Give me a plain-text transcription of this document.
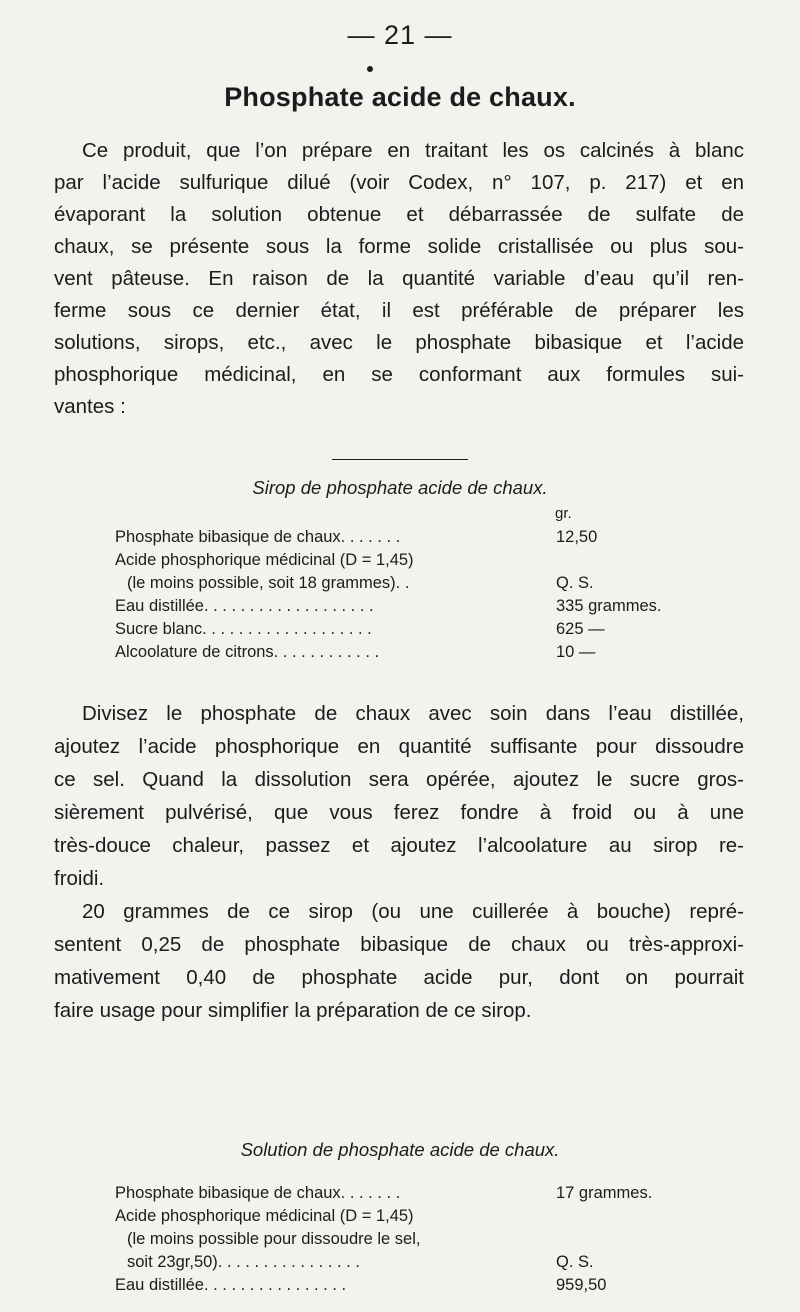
— 21 —
Phosphate acide de chaux.
Ce produit, que l’on prépare en traitant les os calcinés à blanc
par l’acide sulfurique dilué (voir Codex, n° 107, p. 217) et en
évaporant la solution obtenue et débarrassée de sulfate de
chaux, se présente sous la forme solide cristallisée ou plus sou-
vent pâteuse. En raison de la quantité variable d’eau qu’il ren-
ferme sous ce dernier état, il est préférable de préparer les
solutions, sirops, etc., avec le phosphate bibasique et l’acide
phosphorique médicinal, en se conformant aux formules sui-
vantes :
Sirop de phosphate acide de chaux.
gr.
Phosphate bibasique de chaux. . . . . . .	12,50
Acide phosphorique médicinal (D = 1,45)	
(le moins possible, soit 18 grammes). .	Q. S.
Eau distillée. . . . . . . . . . . . . . . . . . .	335 grammes.
Sucre blanc. . . . . . . . . . . . . . . . . . .	625 —
Alcoolature de citrons. . . . . . . . . . . .	10 —
Divisez le phosphate de chaux avec soin dans l’eau distillée,
ajoutez l’acide phosphorique en quantité suffisante pour dissoudre
ce sel. Quand la dissolution sera opérée, ajoutez le sucre gros-
sièrement pulvérisé, que vous ferez fondre à froid ou à une
très-douce chaleur, passez et ajoutez l’alcoolature au sirop re-
froidi.
20 grammes de ce sirop (ou une cuillerée à bouche) repré-
sentent 0,25 de phosphate bibasique de chaux ou très-approxi-
mativement 0,40 de phosphate acide pur, dont on pourrait
faire usage pour simplifier la préparation de ce sirop.
Solution de phosphate acide de chaux.
Phosphate bibasique de chaux. . . . . . .	17 grammes.
Acide phosphorique médicinal (D = 1,45)	
(le moins possible pour dissoudre le sel,	
soit 23gr,50). . . . . . . . . . . . . . . .	Q. S.
Eau distillée. . . . . . . . . . . . . . . .	959,50
